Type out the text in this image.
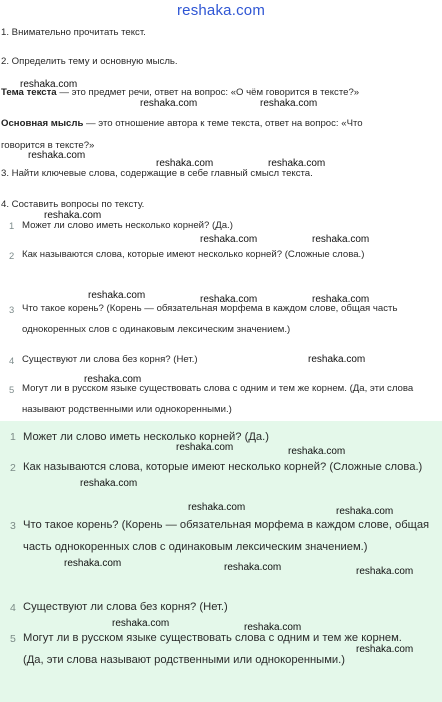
reshaka.com
1. Внимательно прочитать текст.
2. Определить тему и основную мысль.
Тема текста — это предмет речи, ответ на вопрос: «О чём говорится в тексте?»
Основная мысль — это отношение автора к теме текста, ответ на вопрос: «Что
говорится в тексте?»
3. Найти ключевые слова, содержащие в себе главный смысл текста.
4. Составить вопросы по тексту.
1 Может ли слово иметь несколько корней? (Да.)
2 Как называются слова, которые имеют несколько корней? (Сложные слова.)
3 Что такое корень? (Корень — обязательная морфема в каждом слове, общая часть однокоренных слов с одинаковым лексическим значением.)
4 Существуют ли слова без корня? (Нет.)
5 Могут ли в русском языке существовать слова с одним и тем же корнем. (Да, эти слова называют родственными или однокоренными.)
1 Может ли слово иметь несколько корней? (Да.)
2 Как называются слова, которые имеют несколько корней? (Сложные слова.)
3 Что такое корень? (Корень — обязательная морфема в каждом слове, общая часть однокоренных слов с одинаковым лексическим значением.)
4 Существуют ли слова без корня? (Нет.)
5 Могут ли в русском языке существовать слова с одним и тем же корнем. (Да, эти слова называют родственными или однокоренными.)
reshaka.com
reshaka.com	reshaka.com
reshaka.com
reshaka.com	reshaka.com
reshaka.com
reshaka.com	reshaka.com
reshaka.com	reshaka.com	reshaka.com
reshaka.com
reshaka.com
reshaka.com	reshaka.com
reshaka.com
reshaka.com	reshaka.com
reshaka.com	reshaka.com	reshaka.com
reshaka.com	reshaka.com
reshaka.com
